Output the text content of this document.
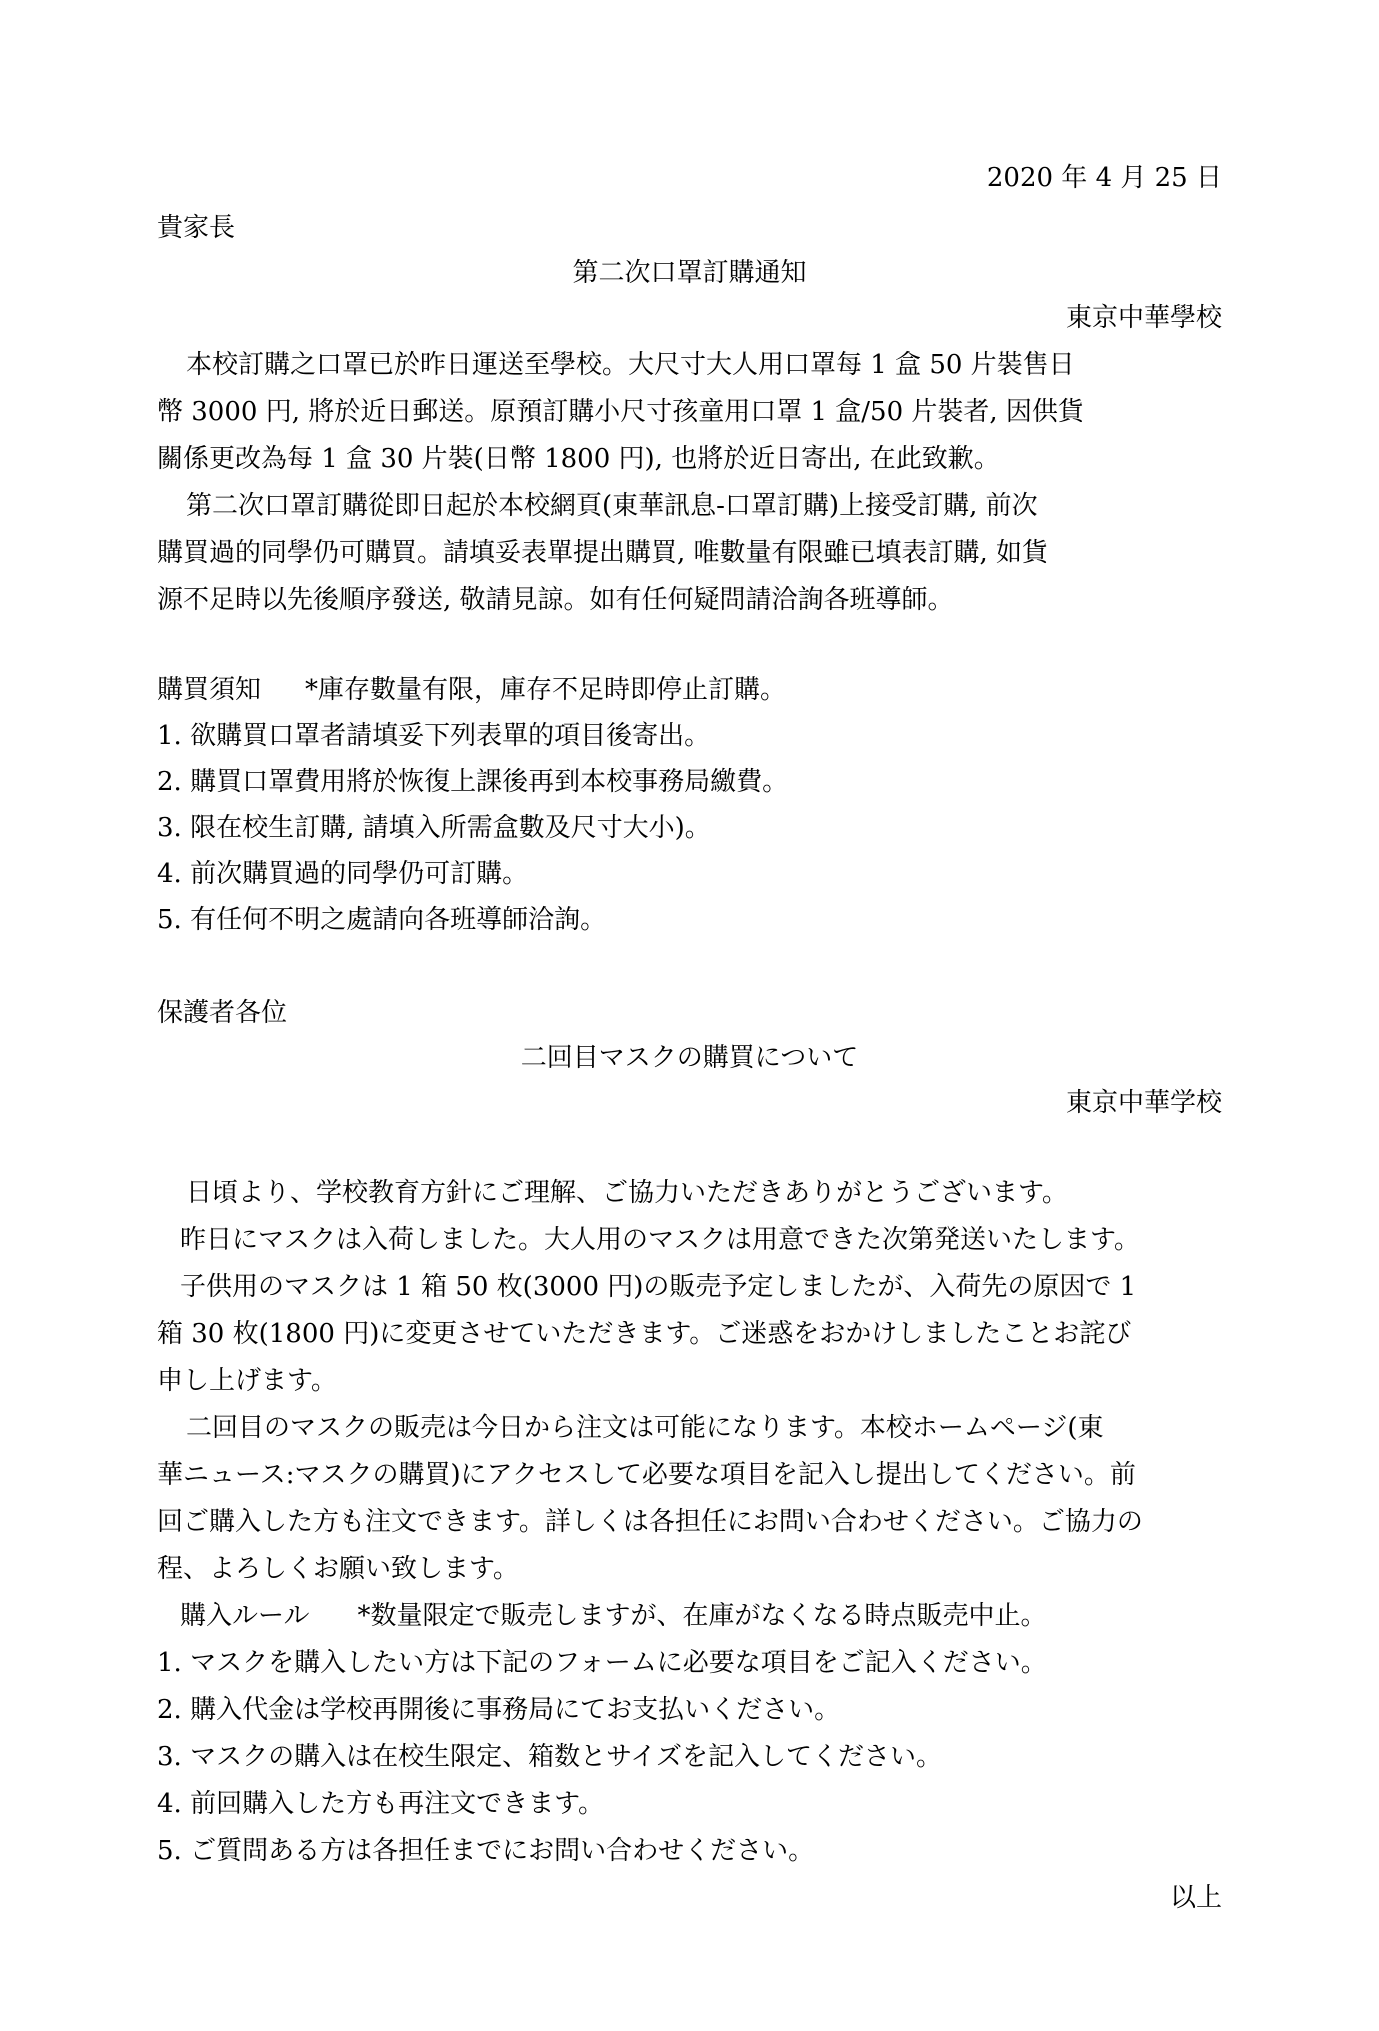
2020 年 4 月 25 日
貴家長
第二次口罩訂購通知
東京中華學校
本校訂購之口罩已於昨日運送至學校。大尺寸大人用口罩每 1 盒 50 片裝售日
幣 3000 円, 將於近日郵送。原預訂購小尺寸孩童用口罩 1 盒/50 片裝者, 因供貨
關係更改為每 1 盒 30 片裝(日幣 1800 円), 也將於近日寄出, 在此致歉。
第二次口罩訂購從即日起於本校網頁(東華訊息-口罩訂購)上接受訂購, 前次
購買過的同學仍可購買。請填妥表單提出購買, 唯數量有限雖已填表訂購, 如貨
源不足時以先後順序發送, 敬請見諒。如有任何疑問請洽詢各班導師。
購買須知 *庫存數量有限，庫存不足時即停止訂購。
1. 欲購買口罩者請填妥下列表單的項目後寄出。
2. 購買口罩費用將於恢復上課後再到本校事務局繳費。
3. 限在校生訂購, 請填入所需盒數及尺寸大小)。
4. 前次購買過的同學仍可訂購。
5. 有任何不明之處請向各班導師洽詢。
保護者各位
二回目マスクの購買について
東京中華学校
日頃より、学校教育方針にご理解、ご協力いただきありがとうございます。
昨日にマスクは入荷しました。大人用のマスクは用意できた次第発送いたします。
子供用のマスクは 1 箱 50 枚(3000 円)の販売予定しましたが、入荷先の原因で 1
箱 30 枚(1800 円)に変更させていただきます。ご迷惑をおかけしましたことお詫び
申し上げます。
二回目のマスクの販売は今日から注文は可能になります。本校ホームページ(東
華ニュース:マスクの購買)にアクセスして必要な項目を記入し提出してください。前
回ご購入した方も注文できます。詳しくは各担任にお問い合わせください。ご協力の
程、よろしくお願い致します。
購入ルール *数量限定で販売しますが、在庫がなくなる時点販売中止。
1. マスクを購入したい方は下記のフォームに必要な項目をご記入ください。
2. 購入代金は学校再開後に事務局にてお支払いください。
3. マスクの購入は在校生限定、箱数とサイズを記入してください。
4. 前回購入した方も再注文できます。
5. ご質問ある方は各担任までにお問い合わせください。
以上
